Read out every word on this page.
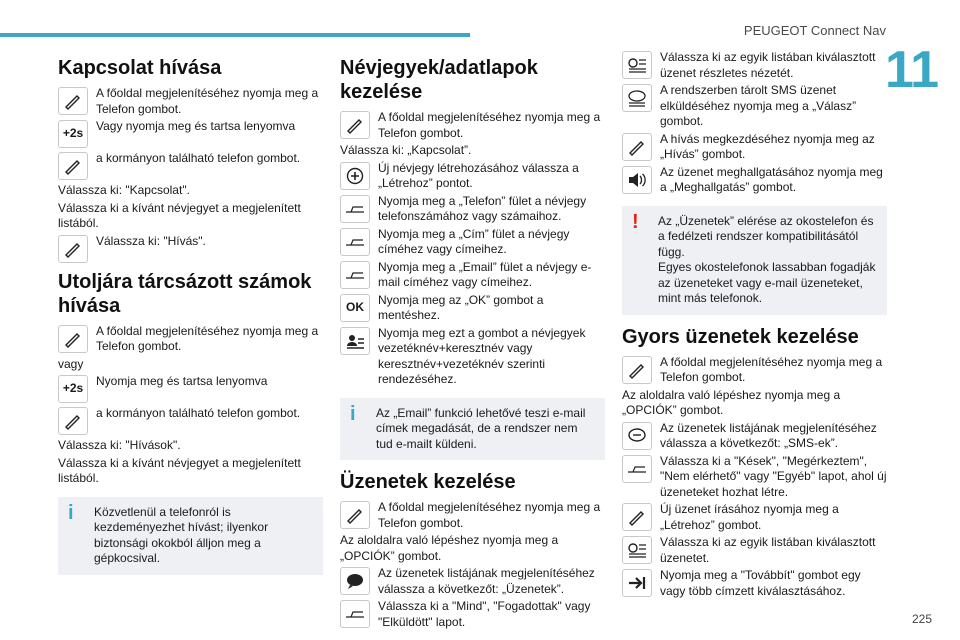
PEUGEOT Connect Nav
11
225
Kapcsolat hívása
A főoldal megjelenítéséhez nyomja meg a Telefon gombot.
+2s
Vagy nyomja meg és tartsa lenyomva
a kormányon található telefon gombot.
Válassza ki: "Kapcsolat".
Válassza ki a kívánt névjegyet a megjelenített listából.
Válassza ki: "Hívás".
Utoljára tárcsázott számok hívása
A főoldal megjelenítéséhez nyomja meg a Telefon gombot.
vagy
+2s
Nyomja meg és tartsa lenyomva
a kormányon található telefon gombot.
Válassza ki: "Hívások".
Válassza ki a kívánt névjegyet a megjelenített listából.
i	Közvetlenül a telefonról is kezdeményezhet hívást; ilyenkor biztonsági okokból álljon meg a gépkocsival.
Névjegyek/adatlapok kezelése
A főoldal megjelenítéséhez nyomja meg a Telefon gombot.
Válassza ki: „Kapcsolat”.
Új névjegy létrehozásához válassza a „Létrehoz” pontot.
Nyomja meg a „Telefon” fület a névjegy telefonszámához vagy számaihoz.
Nyomja meg a „Cím” fület a névjegy címéhez vagy címeihez.
Nyomja meg a „Email” fület a névjegy e-mail címéhez vagy címeihez.
OK
Nyomja meg az „OK” gombot a mentéshez.
Nyomja meg ezt a gombot a névjegyek vezetéknév+keresztnév vagy keresztnév+vezetéknév szerinti rendezéséhez.
i	Az „Email” funkció lehetővé teszi e-mail címek megadását, de a rendszer nem tud e-mailt küldeni.
Üzenetek kezelése
A főoldal megjelenítéséhez nyomja meg a Telefon gombot.
Az aloldalra való lépéshez nyomja meg a „OPCIÓK” gombot.
Az üzenetek listájának megjelenítéséhez válassza a következőt: „Üzenetek”.
Válassza ki a "Mind", "Fogadottak" vagy "Elküldött" lapot.
Válassza ki az egyik listában kiválasztott üzenet részletes nézetét.
A rendszerben tárolt SMS üzenet elküldéséhez nyomja meg a „Válasz” gombot.
A hívás megkezdéséhez nyomja meg az „Hívás” gombot.
Az üzenet meghallgatásához nyomja meg a „Meghallgatás” gombot.
!	Az „Üzenetek” elérése az okostelefon és a fedélzeti rendszer kompatibilitásától függ.
Egyes okostelefonok lassabban fogadják az üzeneteket vagy e-mail üzeneteket, mint más telefonok.
Gyors üzenetek kezelése
A főoldal megjelenítéséhez nyomja meg a Telefon gombot.
Az aloldalra való lépéshez nyomja meg a „OPCIÓK” gombot.
Az üzenetek listájának megjelenítéséhez válassza a következőt: „SMS-ek”.
Válassza ki a "Kések", "Megérkeztem", "Nem elérhető" vagy "Egyéb" lapot, ahol új üzeneteket hozhat létre.
Új üzenet írásához nyomja meg a „Létrehoz” gombot.
Válassza ki az egyik listában kiválasztott üzenetet.
Nyomja meg a "Továbbít" gombot egy vagy több címzett kiválasztásához.
